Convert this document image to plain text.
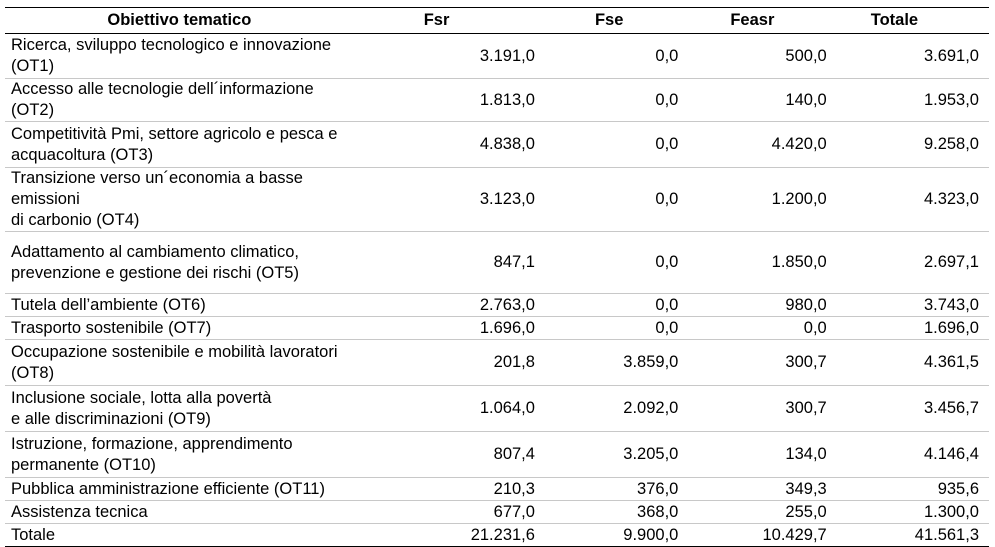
Obiettivo tematico	Fsr	Fse	Feasr	Totale

Ricerca, sviluppo tecnologico e innovazione
(OT1)	3.191,0	0,0	500,0	3.691,0

Accesso alle tecnologie dell´informazione (OT2)	1.813,0	0,0	140,0	1.953,0

Competitività Pmi, settore agricolo e pesca e
acquacoltura (OT3)	4.838,0	0,0	4.420,0	9.258,0

Transizione verso un´economia a basse emissioni
di carbonio (OT4)	3.123,0	0,0	1.200,0	4.323,0

Adattamento al cambiamento climatico,
prevenzione e gestione dei rischi (OT5)	847,1	0,0	1.850,0	2.697,1

Tutela dell’ambiente (OT6)	2.763,0	0,0	980,0	3.743,0

Trasporto sostenibile (OT7)	1.696,0	0,0	0,0	1.696,0

Occupazione sostenibile e mobilità lavoratori
(OT8)	201,8	3.859,0	300,7	4.361,5

Inclusione sociale, lotta alla povertà
e alle discriminazioni (OT9)	1.064,0	2.092,0	300,7	3.456,7

Istruzione, formazione, apprendimento
permanente (OT10)	807,4	3.205,0	134,0	4.146,4

Pubblica amministrazione efficiente (OT11)	210,3	376,0	349,3	935,6

Assistenza tecnica	677,0	368,0	255,0	1.300,0

Totale	21.231,6	9.900,0	10.429,7	41.561,3
